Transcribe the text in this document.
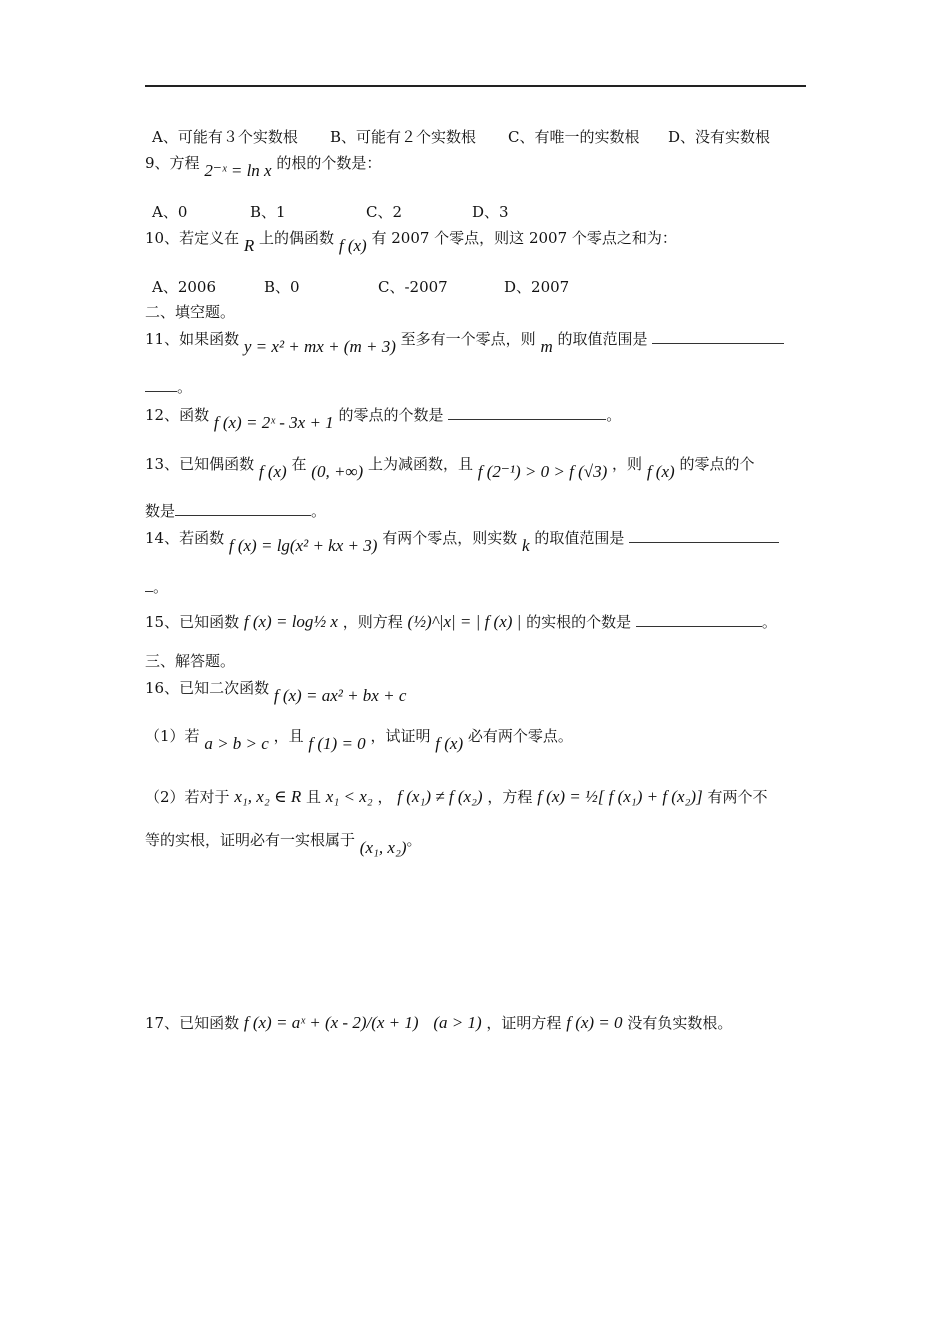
A、可能有３个实数根 B、可能有２个实数根 C、有唯一的实数根 D、没有实数根
9、方程 2⁻ˣ = ln x 的根的个数是：
A、0	B、1	C、2	D、3
10、若定义在 R 上的偶函数 f (x) 有 2007 个零点，则这 2007 个零点之和为：
A、2006	B、0	C、-2007	D、2007
二、填空题。
11、如果函数 y = x² + mx + (m + 3) 至多有一个零点，则 m 的取值范围是
。
12、函数 f (x) = 2ˣ - 3x + 1 的零点的个数是	。
13、已知偶函数 f (x) 在 (0, +∞) 上为减函数，且 f (2⁻¹) > 0 > f (√3) ，则 f (x) 的零点的个
数是	。
14、若函数 f (x) = lg(x² + kx + 3) 有两个零点，则实数 k 的取值范围是
。
15、已知函数 f (x) = log½ x ，则方程 (½)^|x| = | f (x) | 的实根的个数是	。
三、解答题。
16、已知二次函数 f (x) = ax² + bx + c
（1）若 a > b > c ，且 f (1) = 0 ，试证明 f (x) 必有两个零点。
（2）若对于 x₁, x₂ ∈ R 且 x₁ < x₂ ， f (x₁) ≠ f (x₂) ，方程 f (x) = ½[ f (x₁) + f (x₂)] 有两个不
等的实根，证明必有一实根属于 (x₁, x₂)。
17、已知函数 f (x) = aˣ + (x - 2)/(x + 1) (a > 1) ，证明方程 f (x) = 0 没有负实数根。
